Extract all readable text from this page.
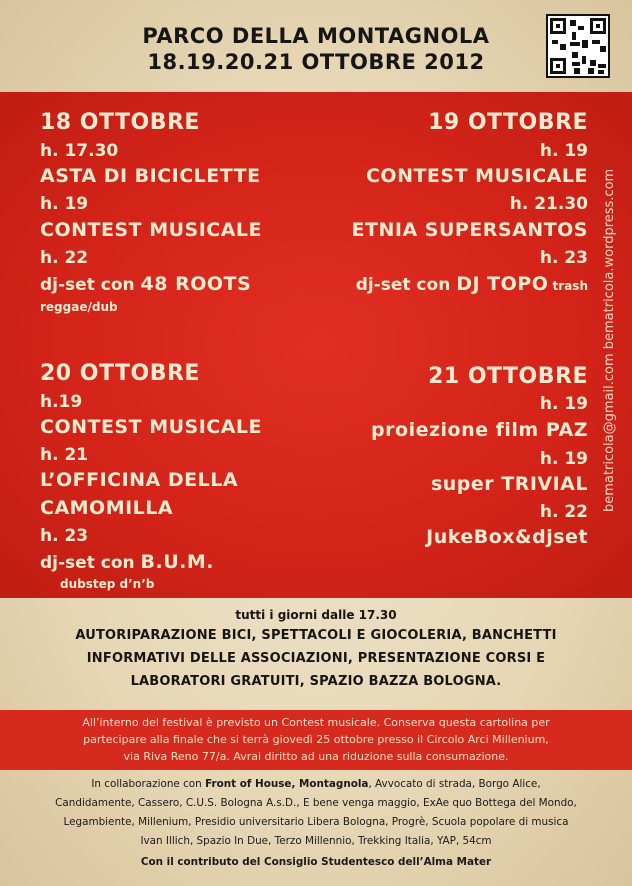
PARCO DELLA MONTAGNOLA
18.19.20.21 OTTOBRE 2012
18 OTTOBRE
h. 17.30
ASTA DI BICICLETTE
h. 19
CONTEST MUSICALE
h. 22
dj-set con 48 ROOTS
reggae/dub
19 OTTOBRE
h. 19
CONTEST MUSICALE
h. 21.30
ETNIA SUPERSANTOS
h. 23
dj-set con DJ TOPO trash
20 OTTOBRE
h.19
CONTEST MUSICALE
h. 21
L’OFFICINA DELLA
CAMOMILLA
h. 23
dj-set con B.U.M.
dubstep d’n’b
21 OTTOBRE
h. 19
proiezione film PAZ
h. 19
super TRIVIAL
h. 22
JukeBox&djset
bematricola@gmail.com bematricola.wordpress.com
tutti i giorni dalle 17.30
AUTORIPARAZIONE BICI, SPETTACOLI E GIOCOLERIA, BANCHETTI
INFORMATIVI DELLE ASSOCIAZIONI, PRESENTAZIONE CORSI E
LABORATORI GRATUITI, SPAZIO BAZZA BOLOGNA.
All’interno del festival è previsto un Contest musicale. Conserva questa cartolina per
partecipare alla finale che si terrà giovedì 25 ottobre presso il Circolo Arci Millenium,
via Riva Reno 77/a. Avrai diritto ad una riduzione sulla consumazione.
In collaborazione con Front of House, Montagnola, Avvocato di strada, Borgo Alice,
Candidamente, Cassero, C.U.S. Bologna A.s.D., E bene venga maggio, ExAe quo Bottega del Mondo,
Legambiente, Millenium, Presidio universitario Libera Bologna, Progrè, Scuola popolare di musica
Ivan Illich, Spazio In Due, Terzo Millennio, Trekking Italia, YAP, 54cm
Con il contributo del Consiglio Studentesco dell’Alma Mater
